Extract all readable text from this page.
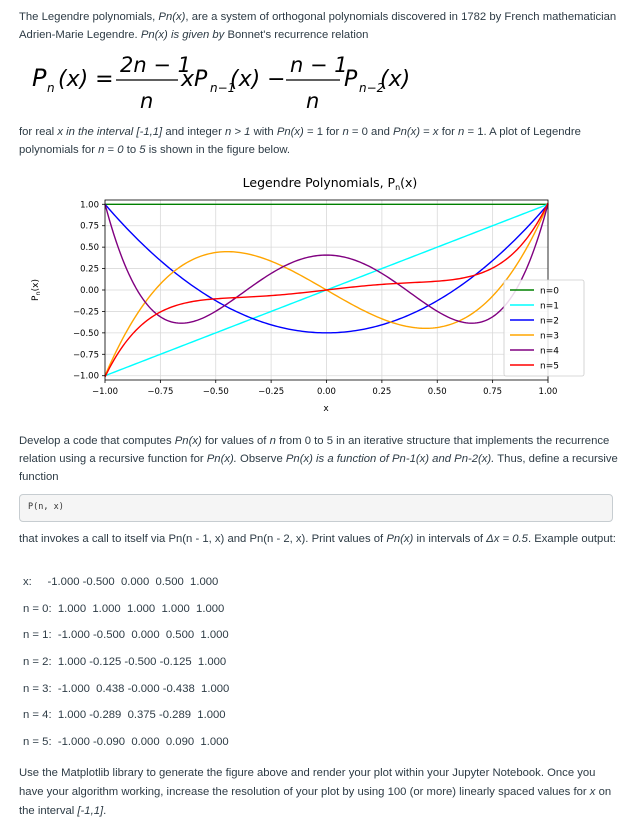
The Legendre polynomials, Pn(x), are a system of orthogonal polynomials discovered in 1782 by French mathematician Adrien-Marie Legendre. Pn(x) is given by Bonnet's recurrence relation
P n (x) =
2n − 1
n
xP n−1
(x) −
n − 1
n
P n−2
(x)
for real x in the interval [-1,1] and integer n > 1 with Pn(x) = 1 for n = 0 and Pn(x) = x for n = 1. A plot of Legendre polynomials for n = 0 to 5 is shown in the figure below.
Legendre Polynomials, $P_n(x)$
−1.00	−0.75	−0.50	−0.25	0.00	0.25	0.50	0.75	1.00
1.00
0.75
0.50
0.25
0.00
−0.25
−0.50
−0.75
−1.00
x
$P_n(x)$
n=0
n=1
n=2
n=3
n=4
n=5
Develop a code that computes Pn(x) for values of n from 0 to 5 in an iterative structure that implements the recurrence relation using a recursive function for Pn(x). Observe Pn(x) is a function of Pn-1(x) and Pn-2(x). Thus, define a recursive function
P(n, x)
that invokes a call to itself via Pn(n - 1, x) and Pn(n - 2, x). Print values of Pn(x) in intervals of Δx = 0.5. Example output:
x:     -1.000 -0.500  0.000  0.500  1.000
n = 0:  1.000  1.000  1.000  1.000  1.000
n = 1:  -1.000 -0.500  0.000  0.500  1.000
n = 2:  1.000 -0.125 -0.500 -0.125  1.000
n = 3:  -1.000  0.438 -0.000 -0.438  1.000
n = 4:  1.000 -0.289  0.375 -0.289  1.000
n = 5:  -1.000 -0.090  0.000  0.090  1.000
Use the Matplotlib library to generate the figure above and render your plot within your Jupyter Notebook. Once you have your algorithm working, increase the resolution of your plot by using 100 (or more) linearly spaced values for x on the interval [-1,1].
